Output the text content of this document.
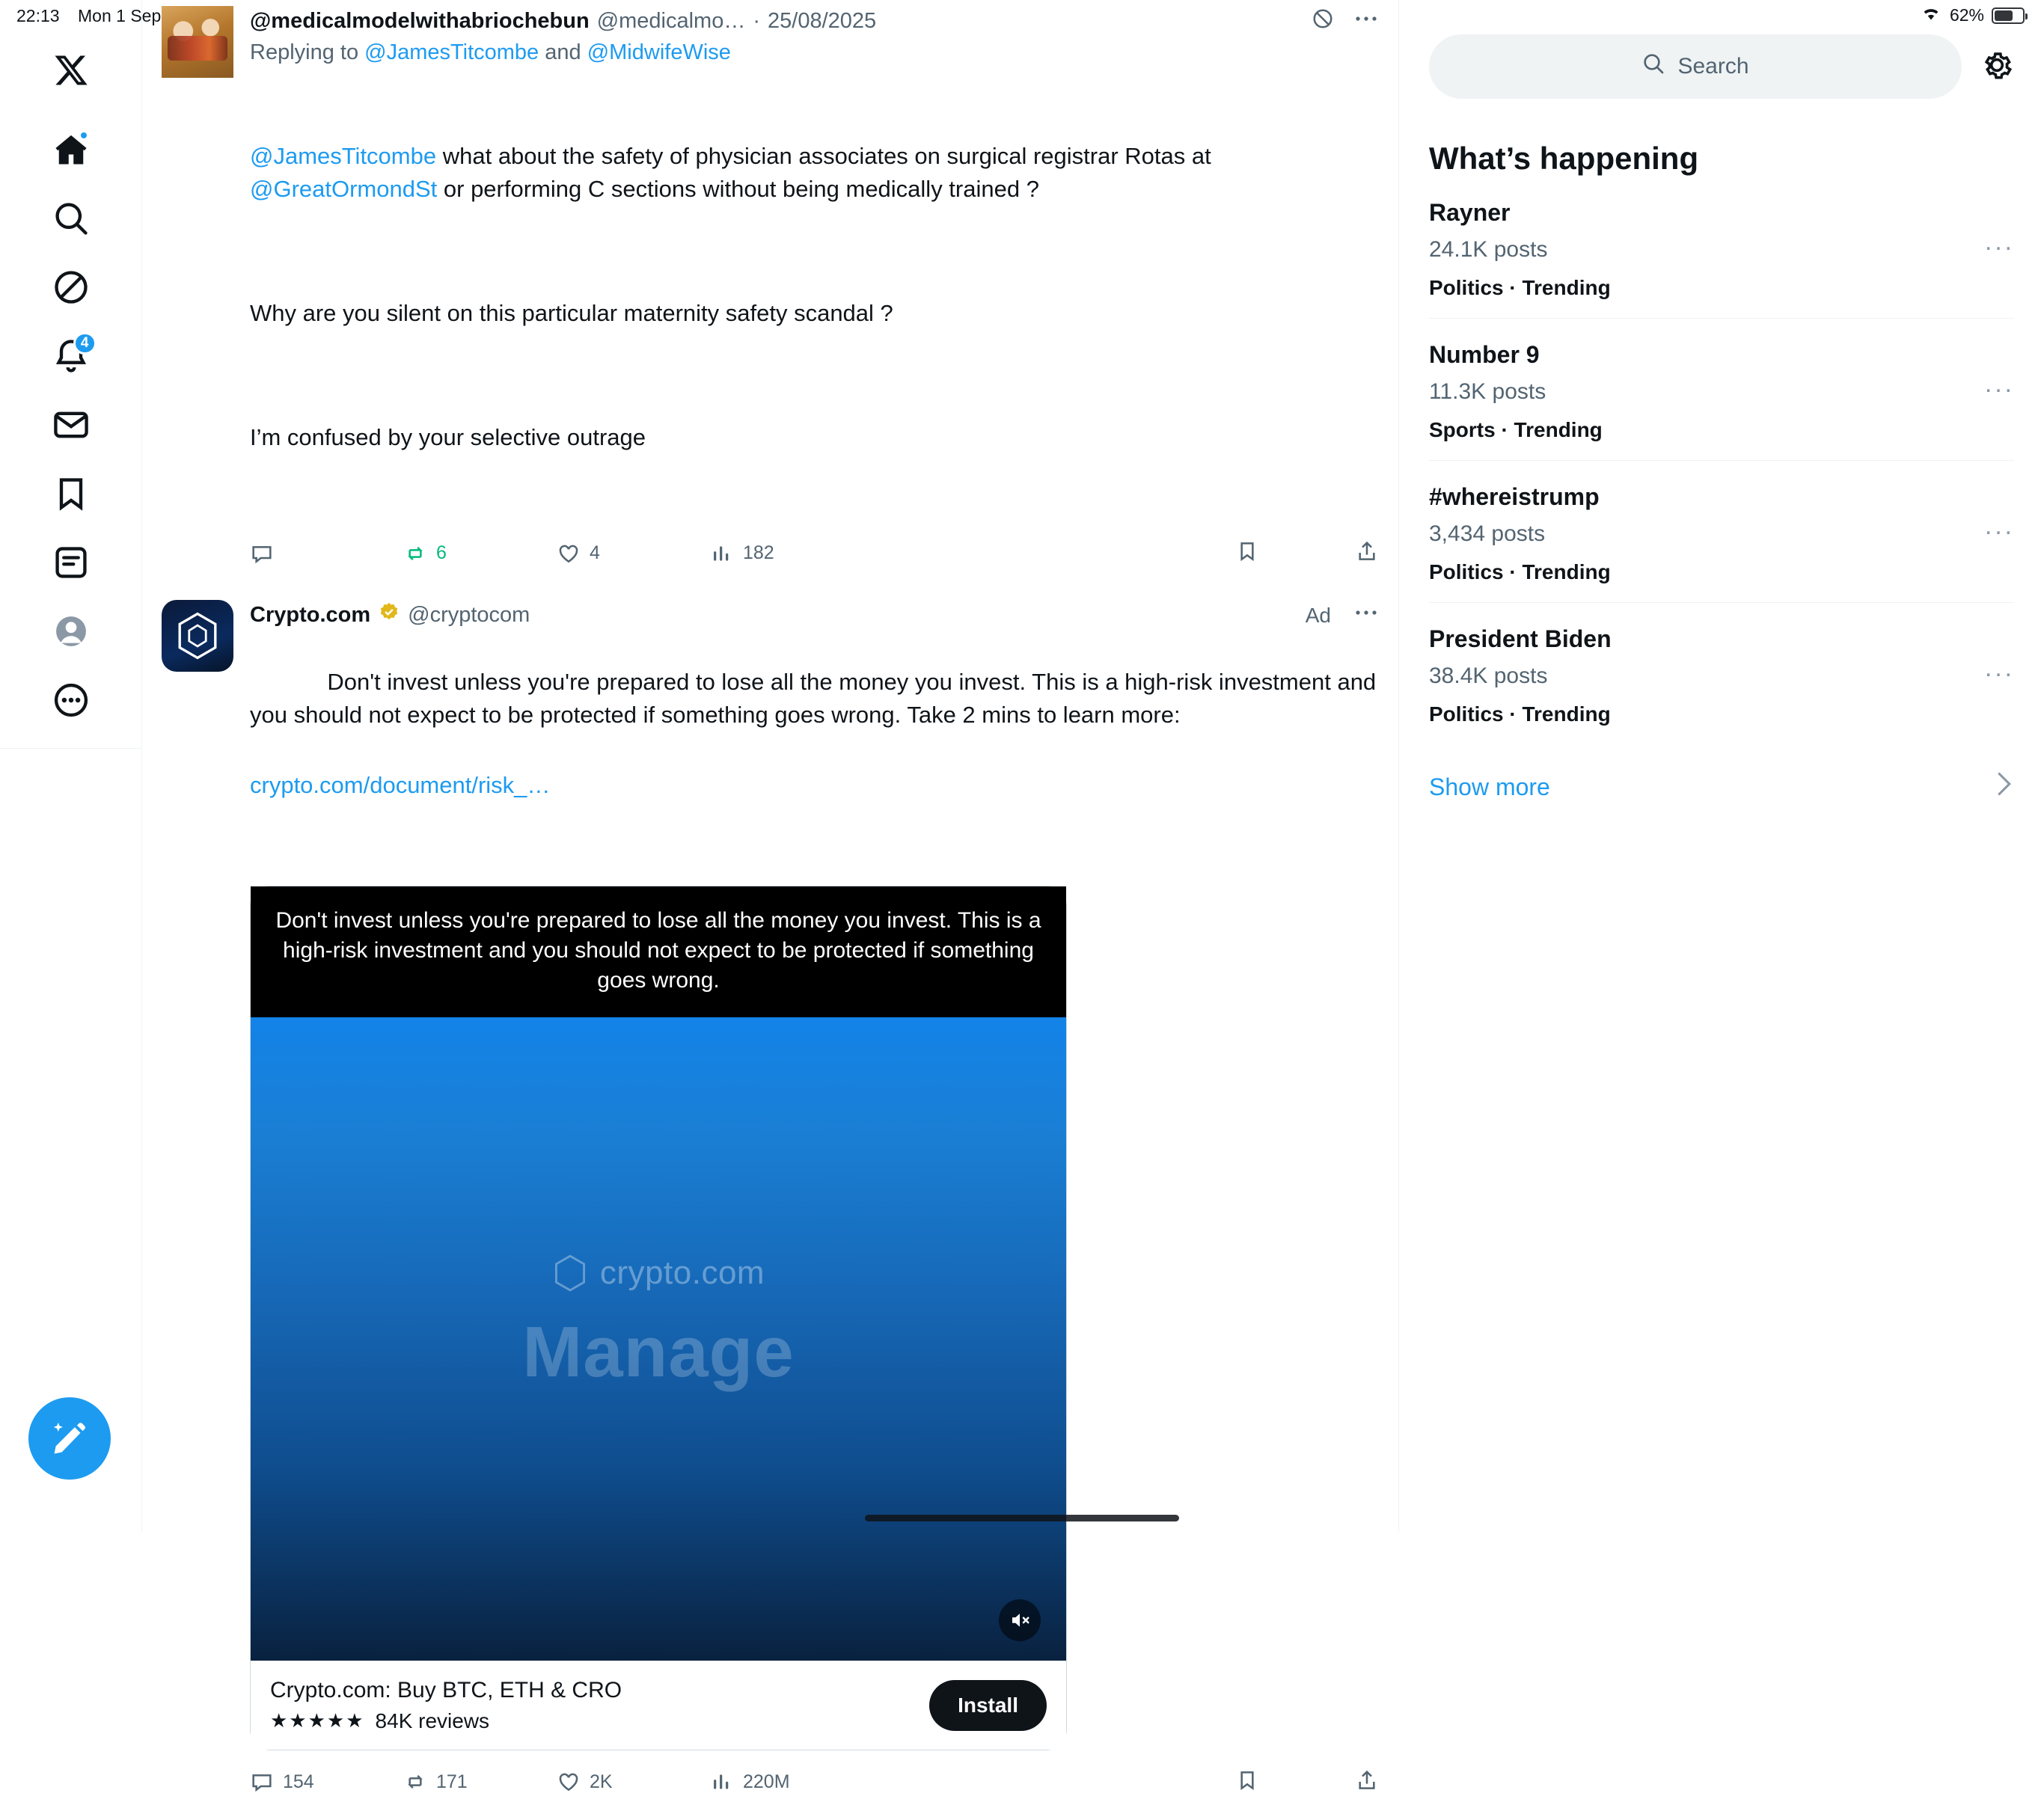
22:13 Mon 1 Sep	62%
4
@medicalmodelwithabriochebun @medicalmo… · 25/08/2025
Replying to @JamesTitcombe and @MidwifeWise

@JamesTitcombe what about the safety of physician associates on surgical registrar Rotas at @GreatOrmondSt or performing C sections without being medically trained ?

Why are you silent on this particular maternity safety scandal ?

I’m confused by your selective outrage

6	4	182
Crypto.com @cryptocom	Ad

Don't invest unless you're prepared to lose all the money you invest. This is a high-risk investment and you should not expect to be protected if something goes wrong. Take 2 mins to learn more:

crypto.com/document/risk_…

Don't invest unless you're prepared to lose all the money you invest. This is a high-risk investment and you should not expect to be protected if something goes wrong.
crypto.com
Manage
Crypto.com: Buy BTC, ETH & CRO
★★★★★ 84K reviews
Install
154	171	2K	220M
Search
What’s happening
Rayner
24.1K posts
Politics · Trending
···
Number 9
11.3K posts
Sports · Trending
···
#whereistrump
3,434 posts
Politics · Trending
···
President Biden
38.4K posts
Politics · Trending
···
Show more
